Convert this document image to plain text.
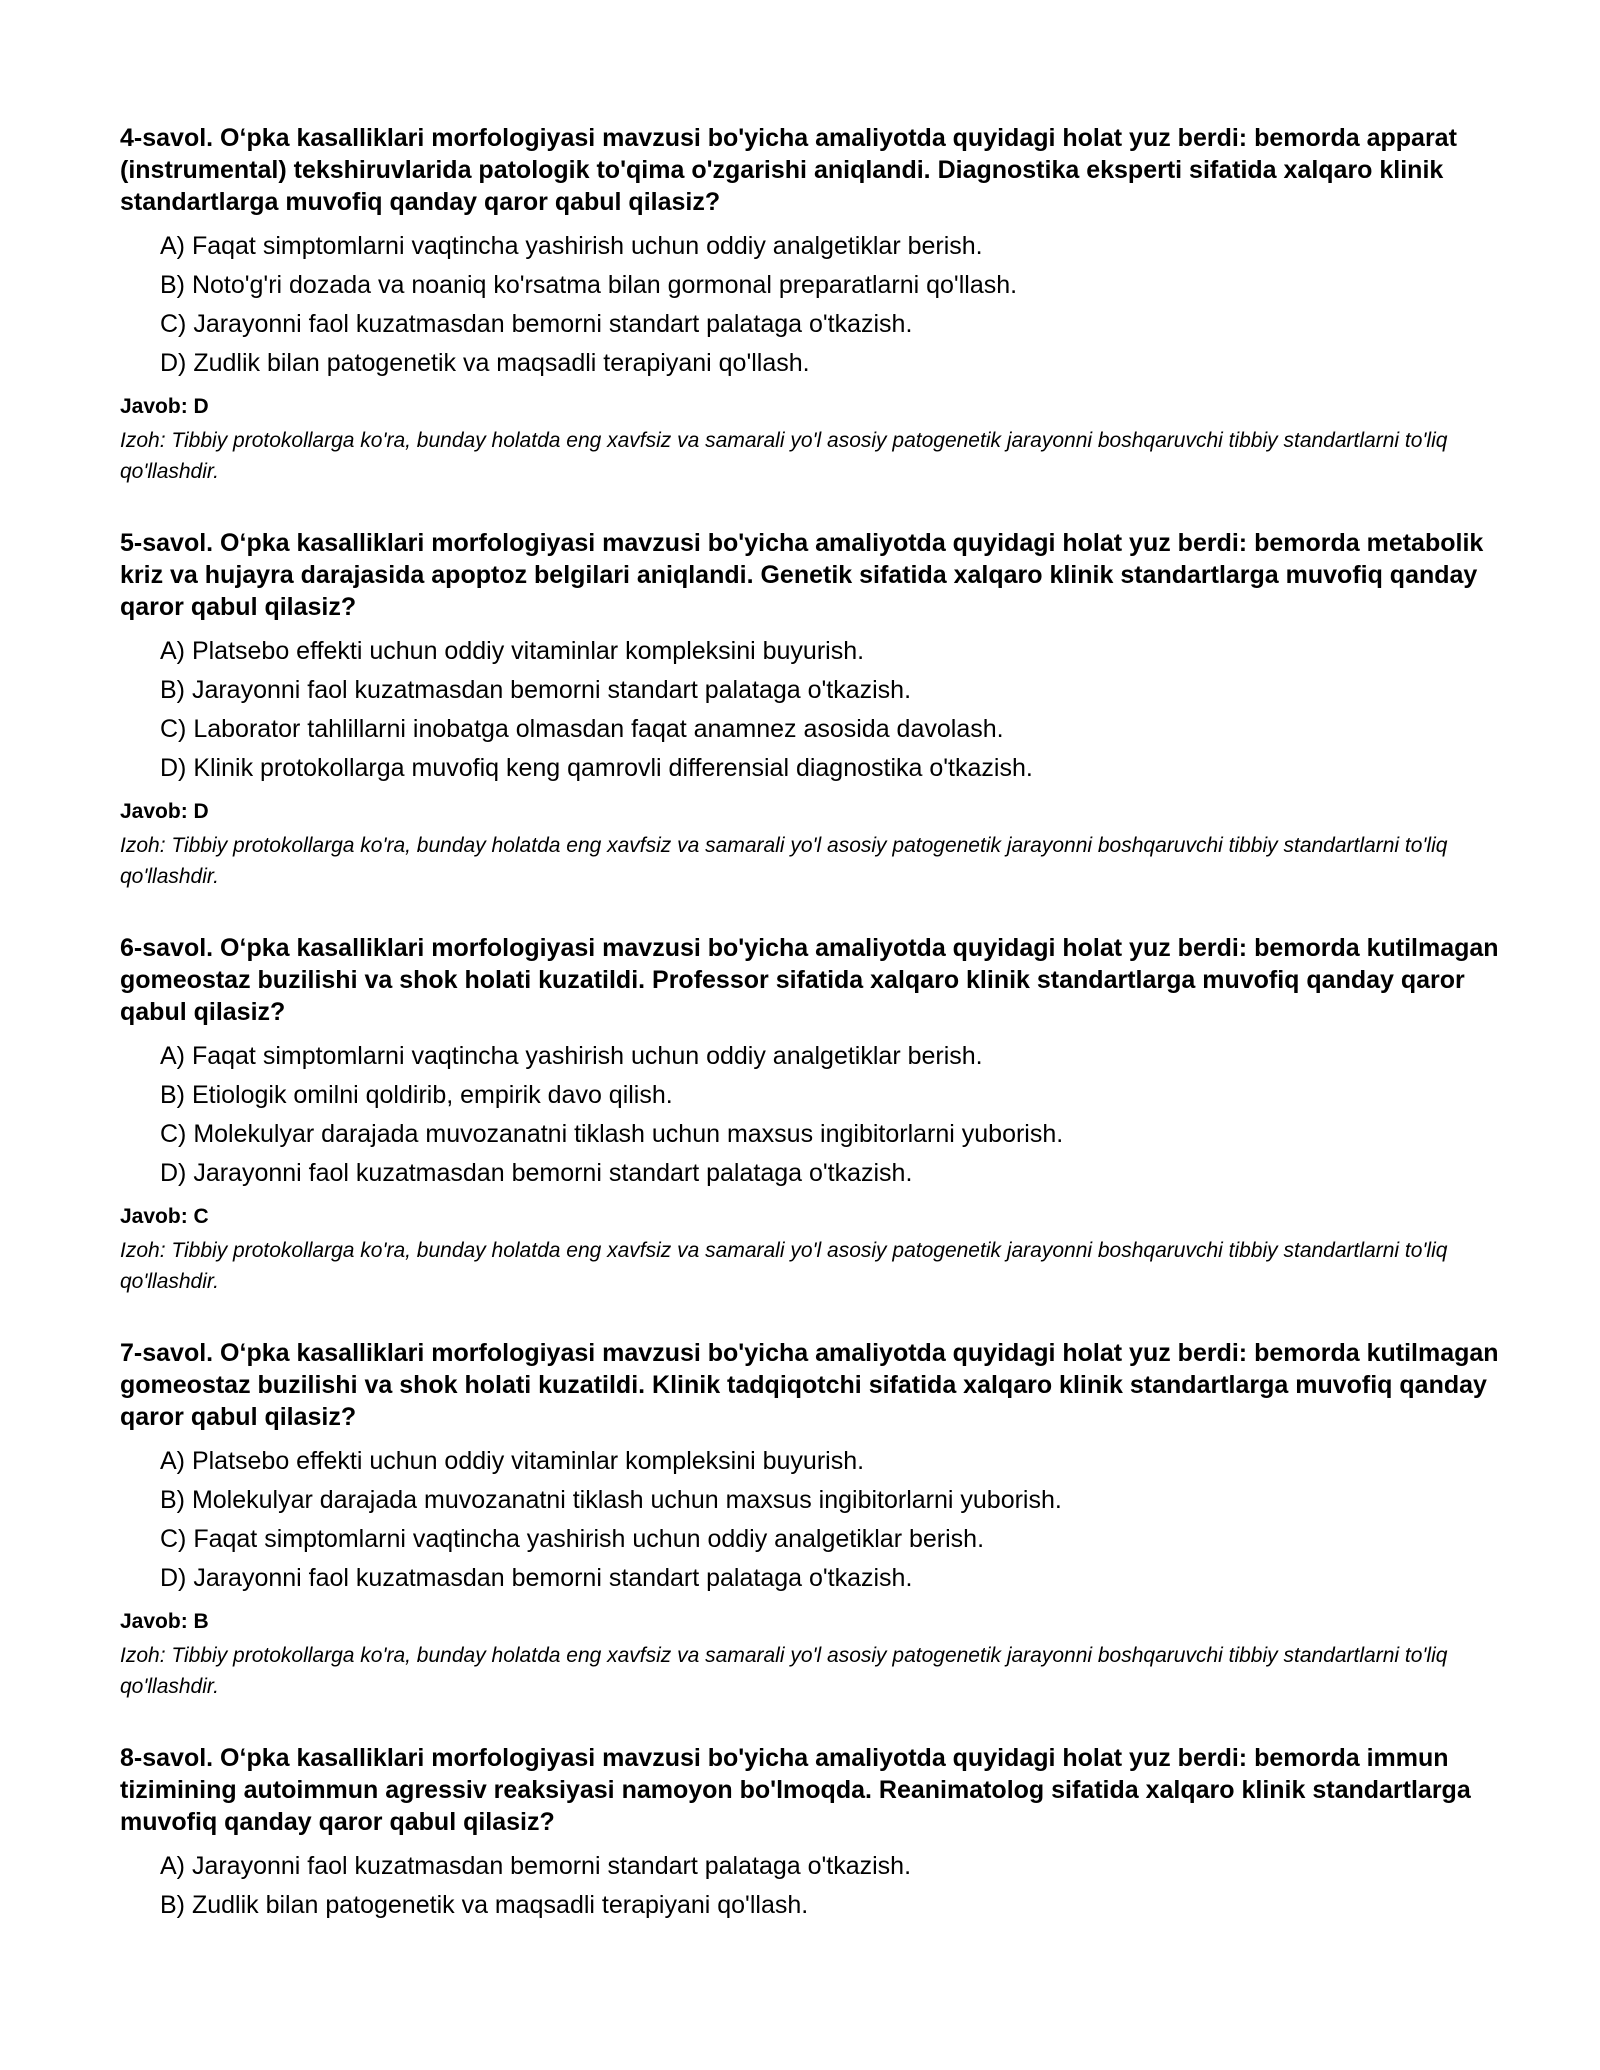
4-savol. O‘pka kasalliklari morfologiyasi mavzusi bo'yicha amaliyotda quyidagi holat yuz berdi: bemorda apparat (instrumental) tekshiruvlarida patologik to'qima o'zgarishi aniqlandi. Diagnostika eksperti sifatida xalqaro klinik standartlarga muvofiq qanday qaror qabul qilasiz?

A) Faqat simptomlarni vaqtincha yashirish uchun oddiy analgetiklar berish.
B) Noto'g'ri dozada va noaniq ko'rsatma bilan gormonal preparatlarni qo'llash.
C) Jarayonni faol kuzatmasdan bemorni standart palataga o'tkazish.
D) Zudlik bilan patogenetik va maqsadli terapiyani qo'llash.

Javob: D

Izoh: Tibbiy protokollarga ko'ra, bunday holatda eng xavfsiz va samarali yo'l asosiy patogenetik jarayonni boshqaruvchi tibbiy standartlarni to'liq qo'llashdir.

5-savol. O‘pka kasalliklari morfologiyasi mavzusi bo'yicha amaliyotda quyidagi holat yuz berdi: bemorda metabolik kriz va hujayra darajasida apoptoz belgilari aniqlandi. Genetik sifatida xalqaro klinik standartlarga muvofiq qanday qaror qabul qilasiz?

A) Platsebo effekti uchun oddiy vitaminlar kompleksini buyurish.
B) Jarayonni faol kuzatmasdan bemorni standart palataga o'tkazish.
C) Laborator tahlillarni inobatga olmasdan faqat anamnez asosida davolash.
D) Klinik protokollarga muvofiq keng qamrovli differensial diagnostika o'tkazish.

Javob: D

Izoh: Tibbiy protokollarga ko'ra, bunday holatda eng xavfsiz va samarali yo'l asosiy patogenetik jarayonni boshqaruvchi tibbiy standartlarni to'liq qo'llashdir.

6-savol. O‘pka kasalliklari morfologiyasi mavzusi bo'yicha amaliyotda quyidagi holat yuz berdi: bemorda kutilmagan gomeostaz buzilishi va shok holati kuzatildi. Professor sifatida xalqaro klinik standartlarga muvofiq qanday qaror qabul qilasiz?

A) Faqat simptomlarni vaqtincha yashirish uchun oddiy analgetiklar berish.
B) Etiologik omilni qoldirib, empirik davo qilish.
C) Molekulyar darajada muvozanatni tiklash uchun maxsus ingibitorlarni yuborish.
D) Jarayonni faol kuzatmasdan bemorni standart palataga o'tkazish.

Javob: C

Izoh: Tibbiy protokollarga ko'ra, bunday holatda eng xavfsiz va samarali yo'l asosiy patogenetik jarayonni boshqaruvchi tibbiy standartlarni to'liq qo'llashdir.

7-savol. O‘pka kasalliklari morfologiyasi mavzusi bo'yicha amaliyotda quyidagi holat yuz berdi: bemorda kutilmagan gomeostaz buzilishi va shok holati kuzatildi. Klinik tadqiqotchi sifatida xalqaro klinik standartlarga muvofiq qanday qaror qabul qilasiz?

A) Platsebo effekti uchun oddiy vitaminlar kompleksini buyurish.
B) Molekulyar darajada muvozanatni tiklash uchun maxsus ingibitorlarni yuborish.
C) Faqat simptomlarni vaqtincha yashirish uchun oddiy analgetiklar berish.
D) Jarayonni faol kuzatmasdan bemorni standart palataga o'tkazish.

Javob: B

Izoh: Tibbiy protokollarga ko'ra, bunday holatda eng xavfsiz va samarali yo'l asosiy patogenetik jarayonni boshqaruvchi tibbiy standartlarni to'liq qo'llashdir.

8-savol. O‘pka kasalliklari morfologiyasi mavzusi bo'yicha amaliyotda quyidagi holat yuz berdi: bemorda immun tizimining autoimmun agressiv reaksiyasi namoyon bo'lmoqda. Reanimatolog sifatida xalqaro klinik standartlarga muvofiq qanday qaror qabul qilasiz?

A) Jarayonni faol kuzatmasdan bemorni standart palataga o'tkazish.
B) Zudlik bilan patogenetik va maqsadli terapiyani qo'llash.
